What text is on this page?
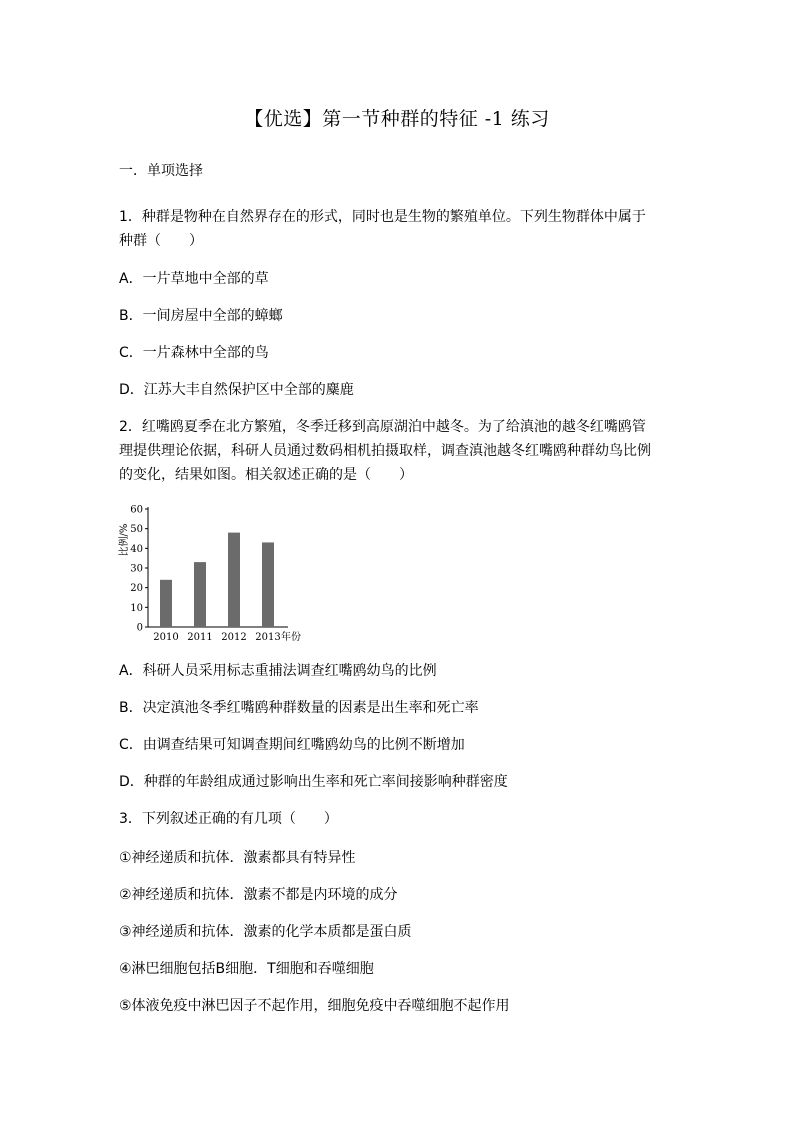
【优选】第一节种群的特征 -1 练习
一．单项选择
1．种群是物种在自然界存在的形式，同时也是生物的繁殖单位。下列生物群体中属于
种群（　　）
A．一片草地中全部的草
B．一间房屋中全部的蟑螂
C．一片森林中全部的鸟
D．江苏大丰自然保护区中全部的麋鹿
2．红嘴鸥夏季在北方繁殖，冬季迁移到高原湖泊中越冬。为了给滇池的越冬红嘴鸥管
理提供理论依据，科研人员通过数码相机拍摄取样，调查滇池越冬红嘴鸥种群幼鸟比例
的变化，结果如图。相关叙述正确的是（　　）
0
10
20
30
40
50
60
2010 2011 2012 2013 年份
比例/%
A．科研人员采用标志重捕法调查红嘴鸥幼鸟的比例
B．决定滇池冬季红嘴鸥种群数量的因素是出生率和死亡率
C．由调查结果可知调查期间红嘴鸥幼鸟的比例不断增加
D．种群的年龄组成通过影响出生率和死亡率间接影响种群密度
3．下列叙述正确的有几项（　　）
①神经递质和抗体．激素都具有特异性
②神经递质和抗体．激素不都是内环境的成分
③神经递质和抗体．激素的化学本质都是蛋白质
④淋巴细胞包括B细胞．T细胞和吞噬细胞
⑤体液免疫中淋巴因子不起作用，细胞免疫中吞噬细胞不起作用
